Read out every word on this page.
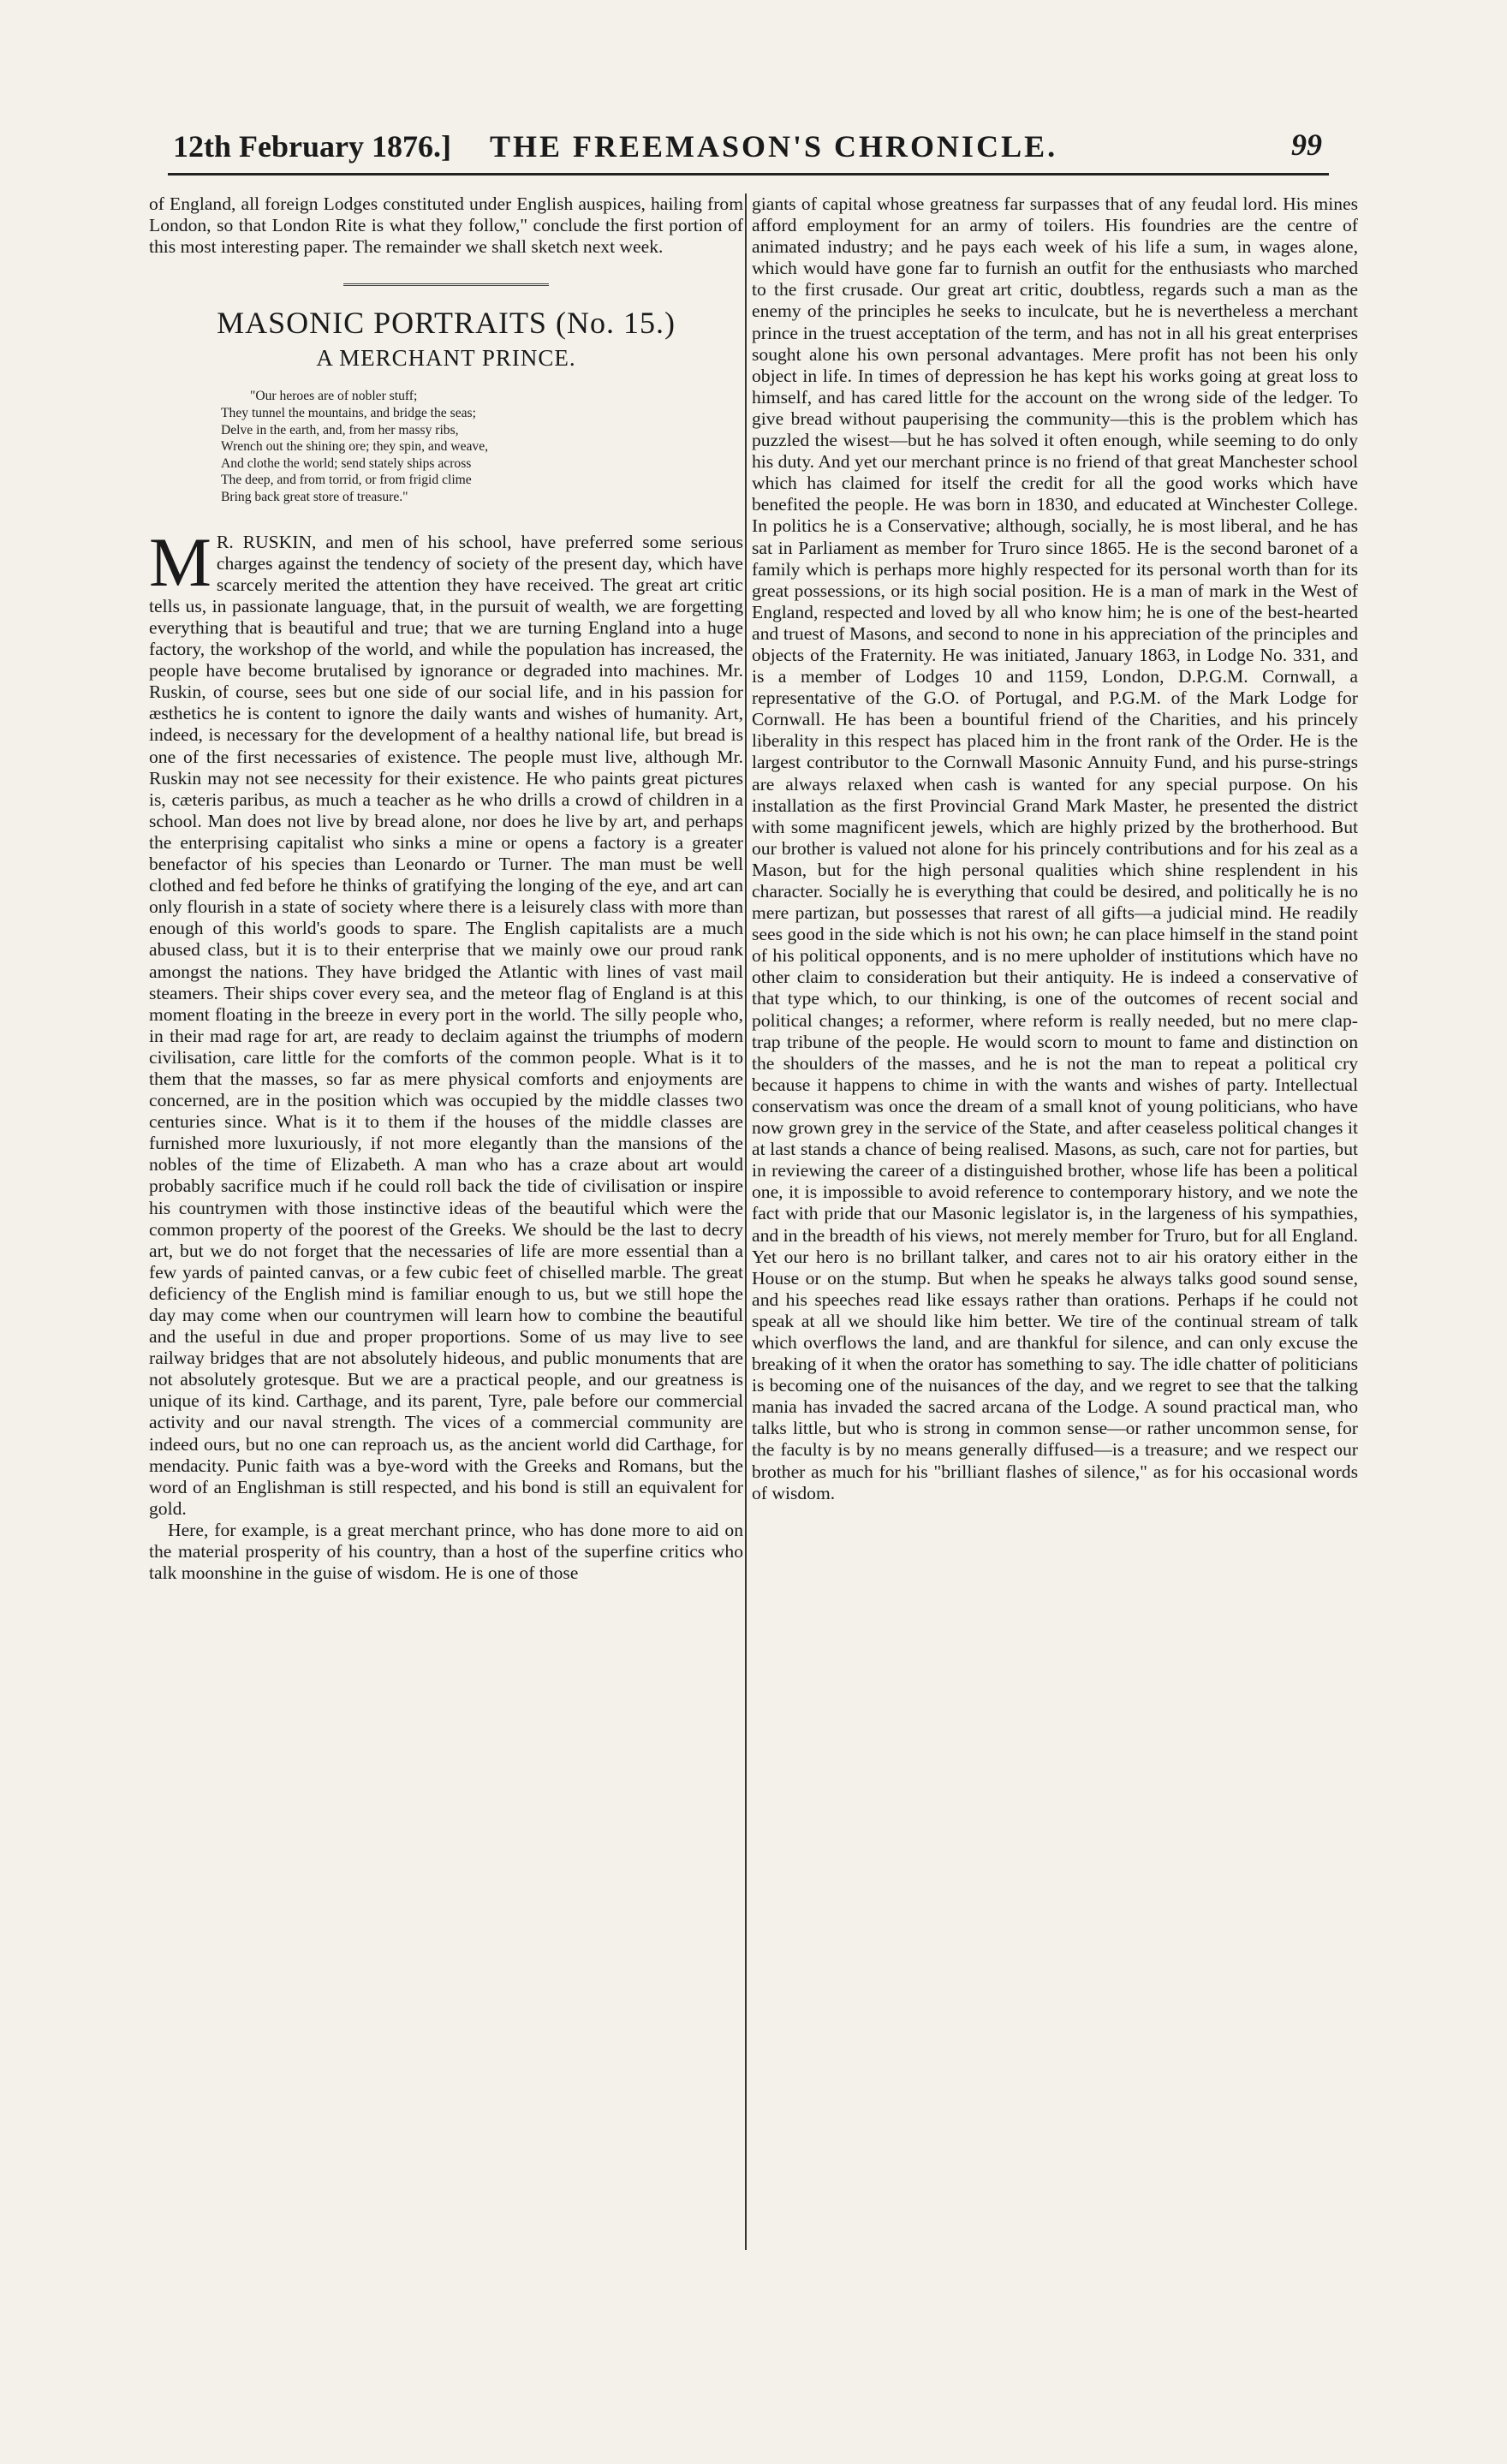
12th February 1876.] THE FREEMASON'S CHRONICLE.	99

of England, all foreign Lodges constituted under English auspices, hailing from London, so that London Rite is what they follow," conclude the first portion of this most interesting paper. The remainder we shall sketch next week.

MASONIC PORTRAITS (No. 15.)
A MERCHANT PRINCE.
"Our heroes are of nobler stuff;
They tunnel the mountains, and bridge the seas;
Delve in the earth, and, from her massy ribs,
Wrench out the shining ore; they spin, and weave,
And clothe the world; send stately ships across
The deep, and from torrid, or from frigid clime
Bring back great store of treasure."

M R. RUSKIN, and men of his school, have preferred some serious charges against the tendency of society of the present day, which have scarcely merited the attention they have received. The great art critic tells us, in passionate language, that, in the pursuit of wealth, we are forgetting everything that is beautiful and true; that we are turning England into a huge factory, the workshop of the world, and while the population has increased, the people have become brutalised by ignorance or degraded into machines. Mr. Ruskin, of course, sees but one side of our social life, and in his passion for æsthetics he is content to ignore the daily wants and wishes of humanity. Art, indeed, is necessary for the development of a healthy national life, but bread is one of the first necessaries of existence. The people must live, although Mr. Ruskin may not see necessity for their existence. He who paints great pictures is, cæteris paribus, as much a teacher as he who drills a crowd of children in a school. Man does not live by bread alone, nor does he live by art, and perhaps the enterprising capitalist who sinks a mine or opens a factory is a greater benefactor of his species than Leonardo or Turner. The man must be well clothed and fed before he thinks of gratifying the longing of the eye, and art can only flourish in a state of society where there is a leisurely class with more than enough of this world's goods to spare. The English capitalists are a much abused class, but it is to their enterprise that we mainly owe our proud rank amongst the nations. They have bridged the Atlantic with lines of vast mail steamers. Their ships cover every sea, and the meteor flag of England is at this moment floating in the breeze in every port in the world. The silly people who, in their mad rage for art, are ready to declaim against the triumphs of modern civilisation, care little for the comforts of the common people. What is it to them that the masses, so far as mere physical comforts and enjoyments are concerned, are in the position which was occupied by the middle classes two centuries since. What is it to them if the houses of the middle classes are furnished more luxuriously, if not more elegantly than the mansions of the nobles of the time of Elizabeth. A man who has a craze about art would probably sacrifice much if he could roll back the tide of civilisation or inspire his countrymen with those instinctive ideas of the beautiful which were the common property of the poorest of the Greeks. We should be the last to decry art, but we do not forget that the necessaries of life are more essential than a few yards of painted canvas, or a few cubic feet of chiselled marble. The great deficiency of the English mind is familiar enough to us, but we still hope the day may come when our countrymen will learn how to combine the beautiful and the useful in due and proper proportions. Some of us may live to see railway bridges that are not absolutely hideous, and public monuments that are not absolutely grotesque. But we are a practical people, and our greatness is unique of its kind. Carthage, and its parent, Tyre, pale before our commercial activity and our naval strength. The vices of a commercial community are indeed ours, but no one can reproach us, as the ancient world did Carthage, for mendacity. Punic faith was a bye-word with the Greeks and Romans, but the word of an Englishman is still respected, and his bond is still an equivalent for gold.

Here, for example, is a great merchant prince, who has done more to aid on the material prosperity of his country, than a host of the superfine critics who talk moonshine in the guise of wisdom. He is one of those

giants of capital whose greatness far surpasses that of any feudal lord. His mines afford employment for an army of toilers. His foundries are the centre of animated industry; and he pays each week of his life a sum, in wages alone, which would have gone far to furnish an outfit for the enthusiasts who marched to the first crusade. Our great art critic, doubtless, regards such a man as the enemy of the principles he seeks to inculcate, but he is nevertheless a merchant prince in the truest acceptation of the term, and has not in all his great enterprises sought alone his own personal advantages. Mere profit has not been his only object in life. In times of depression he has kept his works going at great loss to himself, and has cared little for the account on the wrong side of the ledger. To give bread without pauperising the community—this is the problem which has puzzled the wisest—but he has solved it often enough, while seeming to do only his duty. And yet our merchant prince is no friend of that great Manchester school which has claimed for itself the credit for all the good works which have benefited the people. He was born in 1830, and educated at Winchester College. In politics he is a Conservative; although, socially, he is most liberal, and he has sat in Parliament as member for Truro since 1865. He is the second baronet of a family which is perhaps more highly respected for its personal worth than for its great possessions, or its high social position. He is a man of mark in the West of England, respected and loved by all who know him; he is one of the best-hearted and truest of Masons, and second to none in his appreciation of the principles and objects of the Fraternity. He was initiated, January 1863, in Lodge No. 331, and is a member of Lodges 10 and 1159, London, D.P.G.M. Cornwall, a representative of the G.O. of Portugal, and P.G.M. of the Mark Lodge for Cornwall. He has been a bountiful friend of the Charities, and his princely liberality in this respect has placed him in the front rank of the Order. He is the largest contributor to the Cornwall Masonic Annuity Fund, and his purse-strings are always relaxed when cash is wanted for any special purpose. On his installation as the first Provincial Grand Mark Master, he presented the district with some magnificent jewels, which are highly prized by the brotherhood. But our brother is valued not alone for his princely contributions and for his zeal as a Mason, but for the high personal qualities which shine resplendent in his character. Socially he is everything that could be desired, and politically he is no mere partizan, but possesses that rarest of all gifts—a judicial mind. He readily sees good in the side which is not his own; he can place himself in the stand point of his political opponents, and is no mere upholder of institutions which have no other claim to consideration but their antiquity. He is indeed a conservative of that type which, to our thinking, is one of the outcomes of recent social and political changes; a reformer, where reform is really needed, but no mere clap-trap tribune of the people. He would scorn to mount to fame and distinction on the shoulders of the masses, and he is not the man to repeat a political cry because it happens to chime in with the wants and wishes of party. Intellectual conservatism was once the dream of a small knot of young politicians, who have now grown grey in the service of the State, and after ceaseless political changes it at last stands a chance of being realised. Masons, as such, care not for parties, but in reviewing the career of a distinguished brother, whose life has been a political one, it is impossible to avoid reference to contemporary history, and we note the fact with pride that our Masonic legislator is, in the largeness of his sympathies, and in the breadth of his views, not merely member for Truro, but for all England. Yet our hero is no brillant talker, and cares not to air his oratory either in the House or on the stump. But when he speaks he always talks good sound sense, and his speeches read like essays rather than orations. Perhaps if he could not speak at all we should like him better. We tire of the continual stream of talk which overflows the land, and are thankful for silence, and can only excuse the breaking of it when the orator has something to say. The idle chatter of politicians is becoming one of the nuisances of the day, and we regret to see that the talking mania has invaded the sacred arcana of the Lodge. A sound practical man, who talks little, but who is strong in common sense—or rather uncommon sense, for the faculty is by no means generally diffused—is a treasure; and we respect our brother as much for his "brilliant flashes of silence," as for his occasional words of wisdom.
